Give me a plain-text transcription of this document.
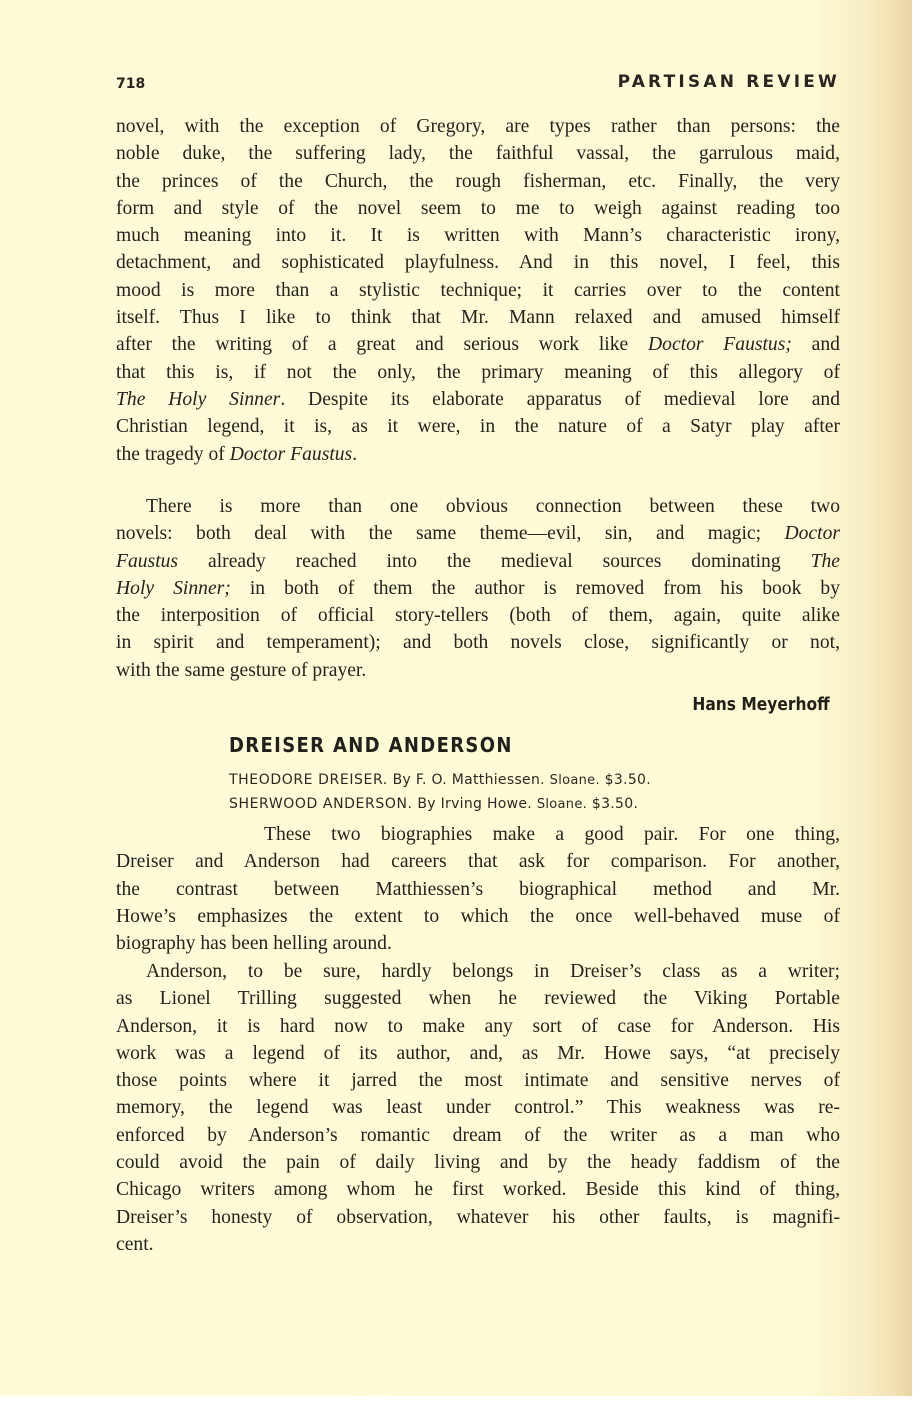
718	PARTISAN REVIEW
novel, with the exception of Gregory, are types rather than persons: the
noble duke, the suffering lady, the faithful vassal, the garrulous maid,
the princes of the Church, the rough fisherman, etc. Finally, the very
form and style of the novel seem to me to weigh against reading too
much meaning into it. It is written with Mann’s characteristic irony,
detachment, and sophisticated playfulness. And in this novel, I feel, this
mood is more than a stylistic technique; it carries over to the content
itself. Thus I like to think that Mr. Mann relaxed and amused himself
after the writing of a great and serious work like Doctor Faustus; and
that this is, if not the only, the primary meaning of this allegory of
The Holy Sinner. Despite its elaborate apparatus of medieval lore and
Christian legend, it is, as it were, in the nature of a Satyr play after
the tragedy of Doctor Faustus.
There is more than one obvious connection between these two
novels: both deal with the same theme—evil, sin, and magic; Doctor
Faustus already reached into the medieval sources dominating The
Holy Sinner; in both of them the author is removed from his book by
the interposition of official story-tellers (both of them, again, quite alike
in spirit and temperament); and both novels close, significantly or not,
with the same gesture of prayer.
Hans Meyerhoff
DREISER AND ANDERSON
THEODORE DREISER. By F. O. Matthiessen. Sloane. $3.50.
SHERWOOD ANDERSON. By Irving Howe. Sloane. $3.50.
These two biographies make a good pair. For one thing,
Dreiser and Anderson had careers that ask for comparison. For another,
the contrast between Matthiessen’s biographical method and Mr.
Howe’s emphasizes the extent to which the once well-behaved muse of
biography has been helling around.
Anderson, to be sure, hardly belongs in Dreiser’s class as a writer;
as Lionel Trilling suggested when he reviewed the Viking Portable
Anderson, it is hard now to make any sort of case for Anderson. His
work was a legend of its author, and, as Mr. Howe says, “at precisely
those points where it jarred the most intimate and sensitive nerves of
memory, the legend was least under control.” This weakness was re-
enforced by Anderson’s romantic dream of the writer as a man who
could avoid the pain of daily living and by the heady faddism of the
Chicago writers among whom he first worked. Beside this kind of thing,
Dreiser’s honesty of observation, whatever his other faults, is magnifi-
cent.
